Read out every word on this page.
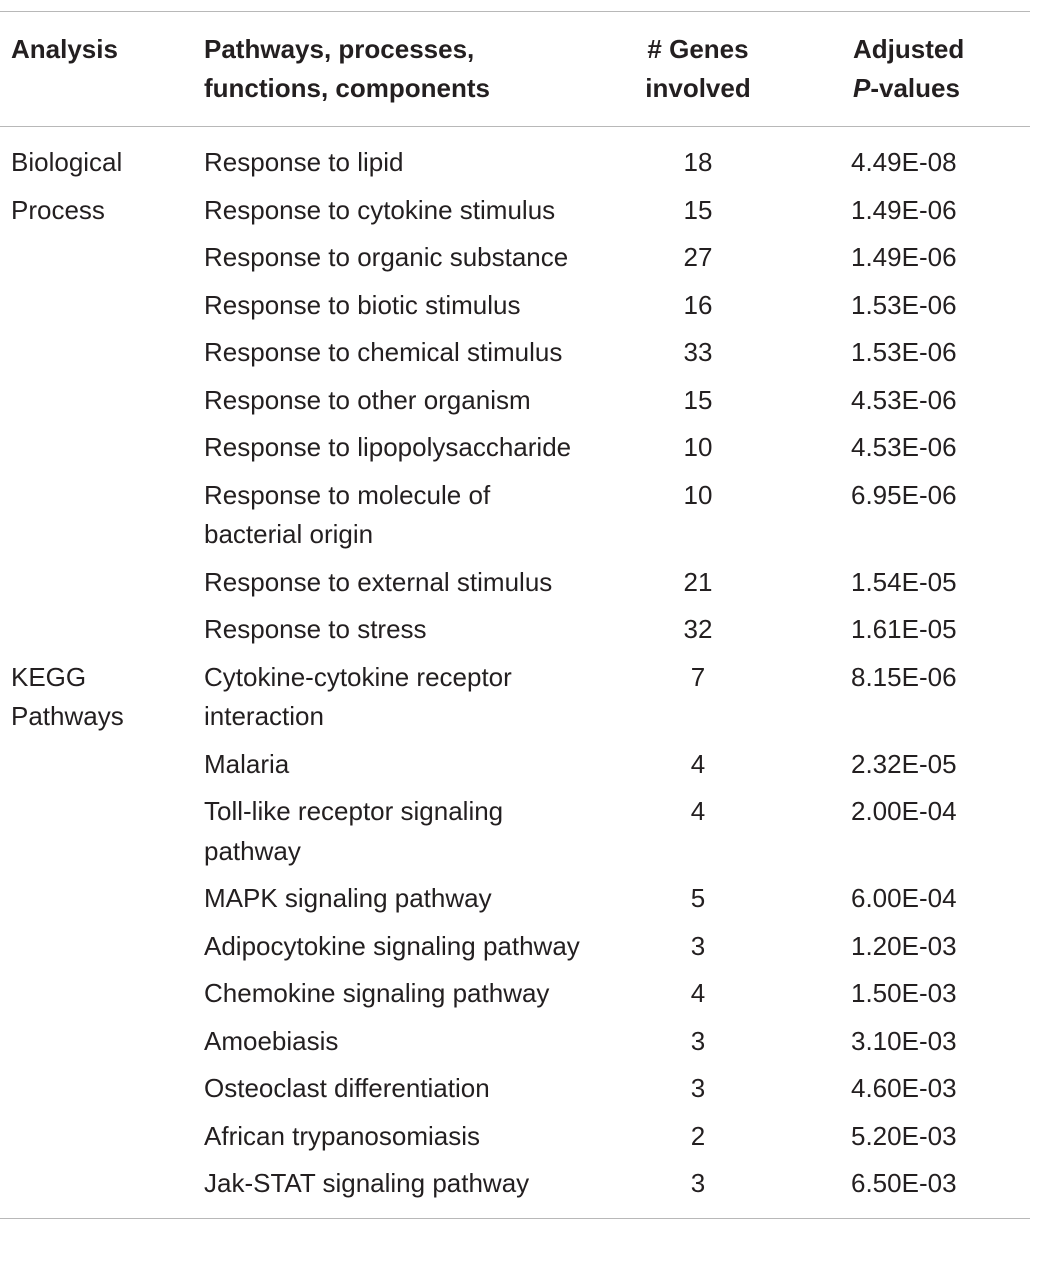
Analysis	Pathways, processes, functions, components	# Genes involved	Adjusted
P-values

Biological Process	Response to lipid	18	4.49E-08
	Response to cytokine stimulus	15	1.49E-06
	Response to organic substance	27	1.49E-06
	Response to biotic stimulus	16	1.53E-06
	Response to chemical stimulus	33	1.53E-06
	Response to other organism	15	4.53E-06
	Response to lipopolysaccharide	10	4.53E-06
	Response to molecule of bacterial origin	10	6.95E-06
	Response to external stimulus	21	1.54E-05
	Response to stress	32	1.61E-05

KEGG Pathways	Cytokine-cytokine receptor interaction	7	8.15E-06
	Malaria	4	2.32E-05
	Toll-like receptor signaling pathway	4	2.00E-04
	MAPK signaling pathway	5	6.00E-04
	Adipocytokine signaling pathway	3	1.20E-03
	Chemokine signaling pathway	4	1.50E-03
	Amoebiasis	3	3.10E-03
	Osteoclast differentiation	3	4.60E-03
	African trypanosomiasis	2	5.20E-03
	Jak-STAT signaling pathway	3	6.50E-03
